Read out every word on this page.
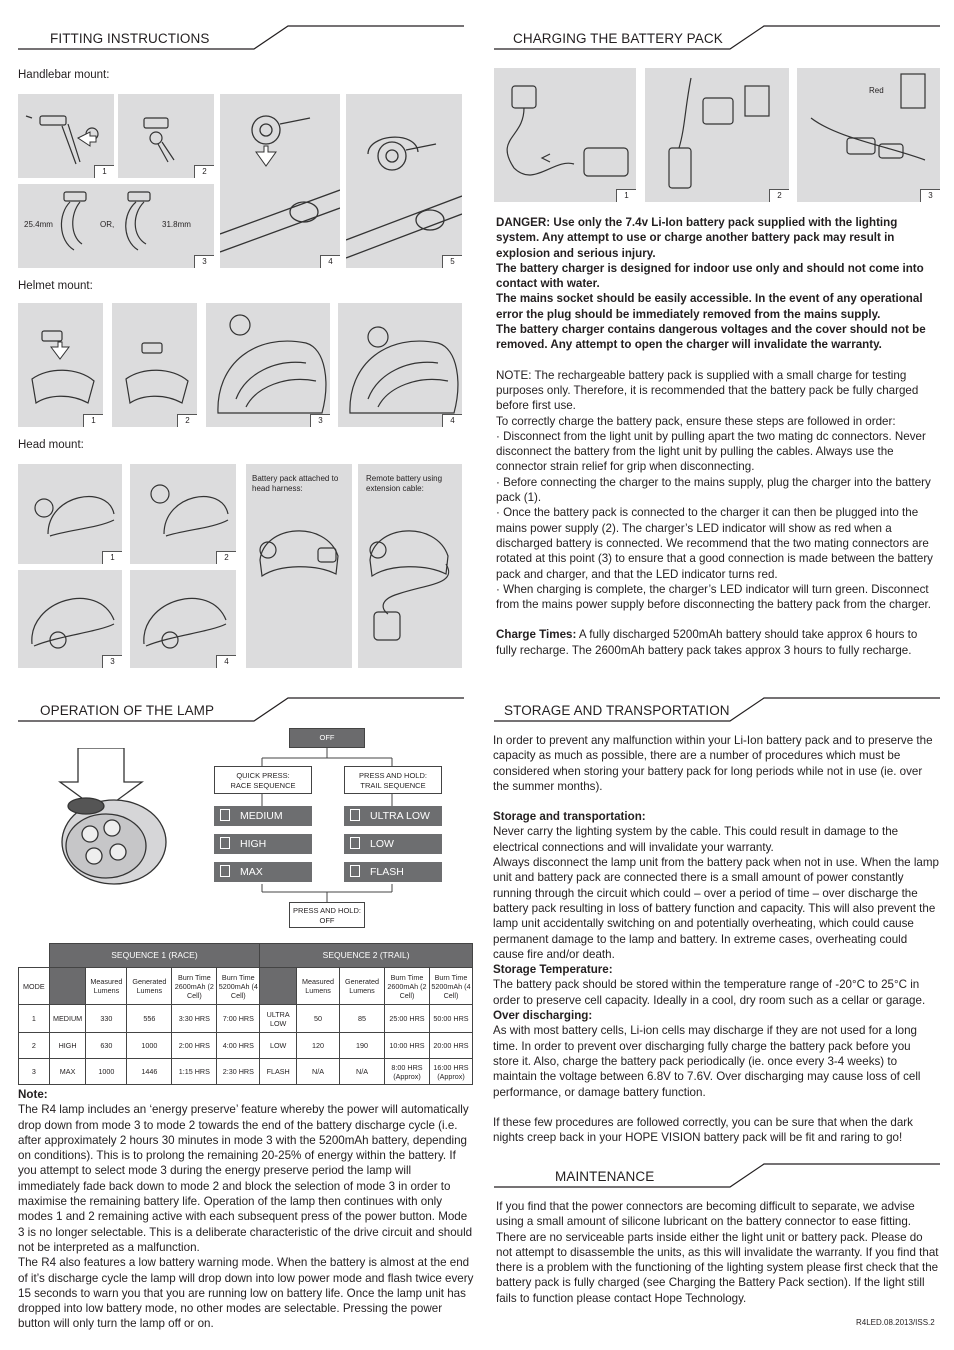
FITTING INSTRUCTIONS	CHARGING THE BATTERY PACK
OPERATION OF THE LAMP	STORAGE AND TRANSPORTATION
MAINTENANCE
Handlebar mount:
Helmet mount:
Head mount:
1	2
25.4mm	OR,	31.8mm
3	4	5
1	2	3	4
1	2
3	4
Battery pack attached to head harness:
Remote battery using extension cable:
1	2
Red
3

DANGER: Use only the 7.4v Li-Ion battery pack supplied with the lighting system. Any attempt to use or charge another battery pack may result in explosion and serious injury.

The battery charger is designed for indoor use only and should not come into contact with water.

The mains socket should be easily accessible. In the event of any operational error the plug should be immediately removed from the mains supply.

The battery charger contains dangerous voltages and the cover should not be removed. Any attempt to open the charger will invalidate the warranty.

NOTE: The rechargeable battery pack is supplied with a small charge for testing purposes only. Therefore, it is recommended that the battery pack be fully charged before first use.

To correctly charge the battery pack, ensure these steps are followed in order:

· Disconnect from the light unit by pulling apart the two mating dc connectors. Never disconnect the battery from the light unit by pulling the cables. Always use the connector strain relief for grip when disconnecting.

· Before connecting the charger to the mains supply, plug the charger into the battery pack (1).

· Once the battery pack is connected to the charger it can then be plugged into the mains power supply (2). The charger’s LED indicator will show as red when a discharged battery is connected. We recommend that the two mating connectors are rotated at this point (3) to ensure that a good connection is made between the battery pack and charger, and that the LED indicator turns red.

· When charging is complete, the charger’s LED indicator will turn green. Disconnect from the mains power supply before disconnecting the battery pack from the charger.

Charge Times: A fully discharged 5200mAh battery should take approx 6 hours to fully recharge. The 2600mAh battery pack takes approx 3 hours to fully recharge.

OFF
QUICK PRESS:
RACE SEQUENCE
PRESS AND HOLD:
TRAIL SEQUENCE
MEDIUM
HIGH
MAX
ULTRA LOW
LOW
FLASH
PRESS AND HOLD:
OFF
	SEQUENCE 1 (RACE)					SEQUENCE 2 (TRAIL)				
MODE		Measured Lumens	Generated Lumens	Burn Time 2600mAh (2 Cell)	Burn Time 5200mAh (4 Cell)		Measured Lumens	Generated Lumens	Burn Time 2600mAh (2 Cell)	Burn Time 5200mAh (4 Cell)
1	MEDIUM	330	556	3:30 HRS	7:00 HRS	ULTRA LOW	50	85	25:00 HRS	50:00 HRS
2	HIGH	630	1000	2:00 HRS	4:00 HRS	LOW	120	190	10:00 HRS	20:00 HRS
3	MAX	1000	1446	1:15 HRS	2:30 HRS	FLASH	N/A	N/A	8:00 HRS (Approx)	16:00 HRS (Approx)

Note:

The R4 lamp includes an ‘energy preserve’ feature whereby the power will automatically drop down from mode 3 to mode 2 towards the end of the battery discharge cycle (i.e. after approximately 2 hours 30 minutes in mode 3 with the 5200mAh battery, depending on conditions). This is to prolong the remaining 20-25% of energy within the battery. If you attempt to select mode 3 during the energy preserve period the lamp will immediately fade back down to mode 2 and block the selection of mode 3 in order to maximise the remaining battery life. Operation of the lamp then continues with only modes 1 and 2 remaining active with each subsequent press of the power button. Mode 3 is no longer selectable. This is a deliberate characteristic of the drive circuit and should not be interpreted as a malfunction.

The R4 also features a low battery warning mode. When the battery is almost at the end of it’s discharge cycle the lamp will drop down into low power mode and flash twice every 15 seconds to warn you that you are running low on battery life. Once the lamp unit has dropped into low battery mode, no other modes are selectable. Pressing the power button will only turn the lamp off or on.

In order to prevent any malfunction within your Li-Ion battery pack and to preserve the capacity as much as possible, there are a number of procedures which must be considered when storing your battery pack for long periods while not in use (ie. over the summer months).

Storage and transportation:

Never carry the lighting system by the cable. This could result in damage to the electrical connections and will invalidate your warranty.

Always disconnect the lamp unit from the battery pack when not in use. When the lamp unit and battery pack are connected there is a small amount of power constantly running through the circuit which could – over a period of time – over discharge the battery pack resulting in loss of battery function and capacity. This will also prevent the lamp unit accidentally switching on and potentially overheating, which could cause permanent damage to the lamp and battery. In extreme cases, overheating could cause fire and/or death.

Storage Temperature:

The battery pack should be stored within the temperature range of -20°C to 25°C in order to preserve cell capacity. Ideally in a cool, dry room such as a cellar or garage.

Over discharging:

As with most battery cells, Li-ion cells may discharge if they are not used for a long time. In order to prevent over discharging fully charge the battery pack before you store it. Also, charge the battery pack periodically (ie. once every 3-4 weeks) to maintain the voltage between 6.8V to 7.6V. Over discharging may cause loss of cell performance, or damage battery function.

If these few procedures are followed correctly, you can be sure that when the dark nights creep back in your HOPE VISION battery pack will be fit and raring to go!

If you find that the power connectors are becoming difficult to separate, we advise using a small amount of silicone lubricant on the battery connector to ease fitting. There are no serviceable parts inside either the light unit or battery pack. Please do not attempt to disassemble the units, as this will invalidate the warranty. If you find that there is a problem with the functioning of the lighting system please first check that the battery pack is fully charged (see Charging the Battery Pack section). If the light still fails to function please contact Hope Technology.

R4LED.08.2013/ISS.2
